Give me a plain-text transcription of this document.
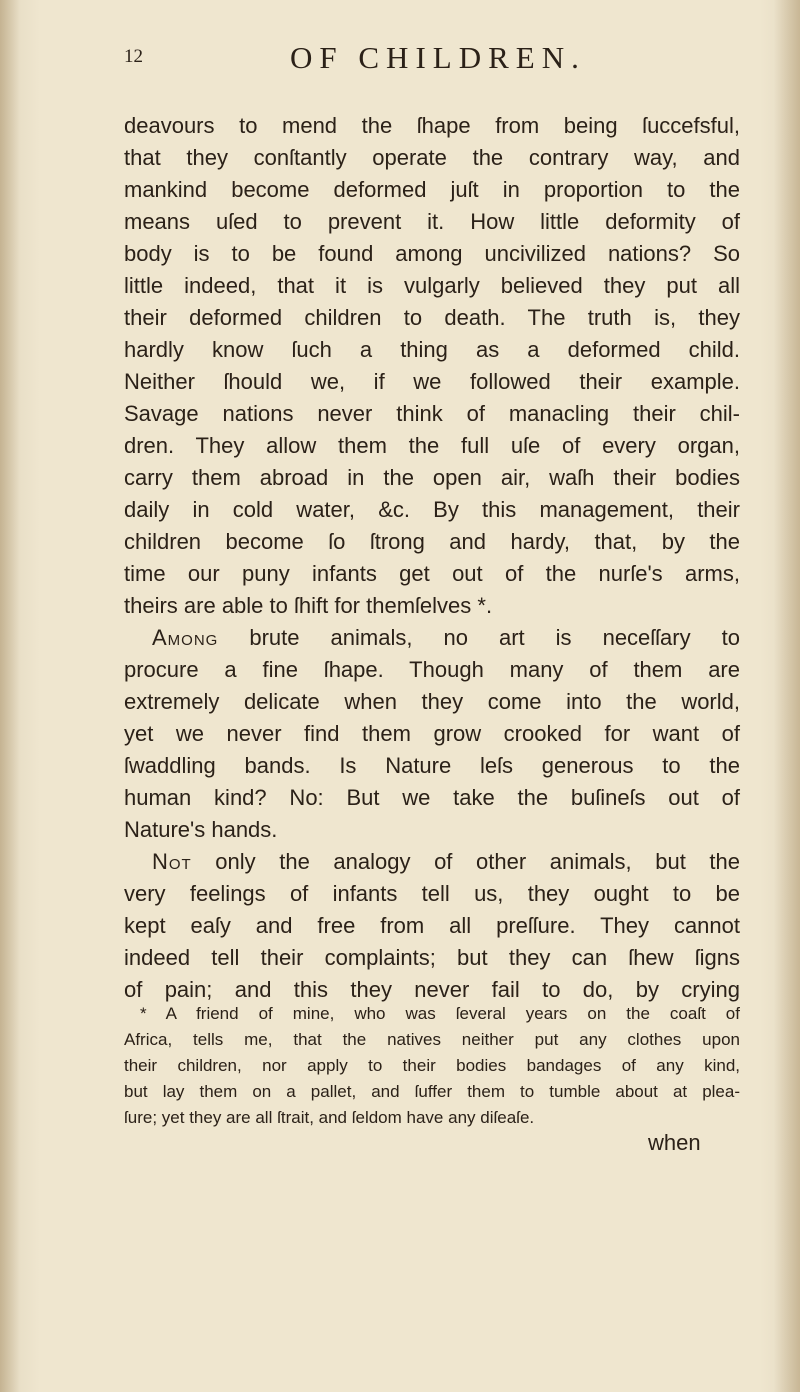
12	OF CHILDREN.
deavours to mend the ſhape from being ſuccefsful,
that they conſtantly operate the contrary way, and
mankind become deformed juſt in proportion to the
means uſed to prevent it. How little deformity of
body is to be found among uncivilized nations? So
little indeed, that it is vulgarly believed they put all
their deformed children to death. The truth is, they
hardly know ſuch a thing as a deformed child.
Neither ſhould we, if we followed their example.
Savage nations never think of manacling their chil-
dren. They allow them the full uſe of every organ,
carry them abroad in the open air, waſh their bodies
daily in cold water, &c. By this management, their
children become ſo ſtrong and hardy, that, by the
time our puny infants get out of the nurſe's arms,
theirs are able to ſhift for themſelves *.
Among brute animals, no art is neceſſary to
procure a fine ſhape. Though many of them are
extremely delicate when they come into the world,
yet we never find them grow crooked for want of
ſwaddling bands. Is Nature leſs generous to the
human kind? No: But we take the buſineſs out of
Nature's hands.
Not only the analogy of other animals, but the
very feelings of infants tell us, they ought to be
kept eaſy and free from all preſſure. They cannot
indeed tell their complaints; but they can ſhew ſigns
of pain; and this they never fail to do, by crying
* A friend of mine, who was ſeveral years on the coaſt of
Africa, tells me, that the natives neither put any clothes upon
their children, nor apply to their bodies bandages of any kind,
but lay them on a pallet, and ſuffer them to tumble about at plea-
ſure; yet they are all ſtrait, and ſeldom have any diſeaſe.
when
